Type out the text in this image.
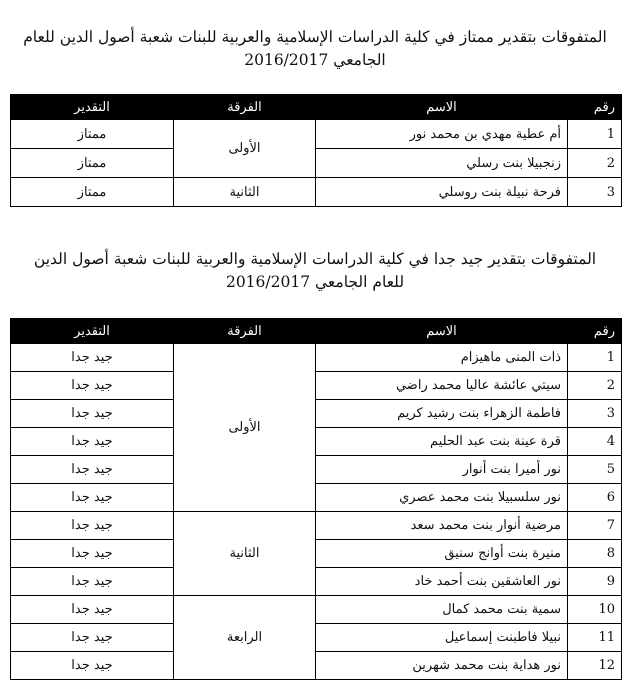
المتفوقات بتقدير ممتاز في كلية الدراسات الإسلامية والعربية للبنات شعبة أصول الدين للعام
الجامعي 2016/2017
رقم	الاسم	الفرقة	التقدير
1	أم عطية مهدي بن محمد نور	الأولى	ممتاز
2	زنجبيلا بنت رسلي		ممتاز
3	فرحة نبيلة بنت روسلي	الثانية	ممتاز
المتفوقات بتقدير جيد جدا في كلية الدراسات الإسلامية والعربية للبنات شعبة أصول الدين
للعام الجامعي 2016/2017
رقم	الاسم	الفرقة	التقدير
1	ذات المنى ماهيزام	الأولى	جيد جدا
2	سيتي عائشة عاليا محمد راضي		جيد جدا
3	فاطمة الزهراء بنت رشيد كريم		جيد جدا
4	قرة عينة بنت عبد الحليم		جيد جدا
5	نور أميرا بنت أنوار		جيد جدا
6	نور سلسبيلا بنت محمد عصري		جيد جدا
7	مرضية أنوار بنت محمد سعد	الثانية	جيد جدا
8	منيرة بنت أوانج سنيق		جيد جدا
9	نور العاشقين بنت أحمد خاد		جيد جدا
10	سمية بنت محمد كمال	الرابعة	جيد جدا
11	نبيلا فاطبنت إسماعيل		جيد جدا
12	نور هداية بنت محمد شهرين		جيد جدا
